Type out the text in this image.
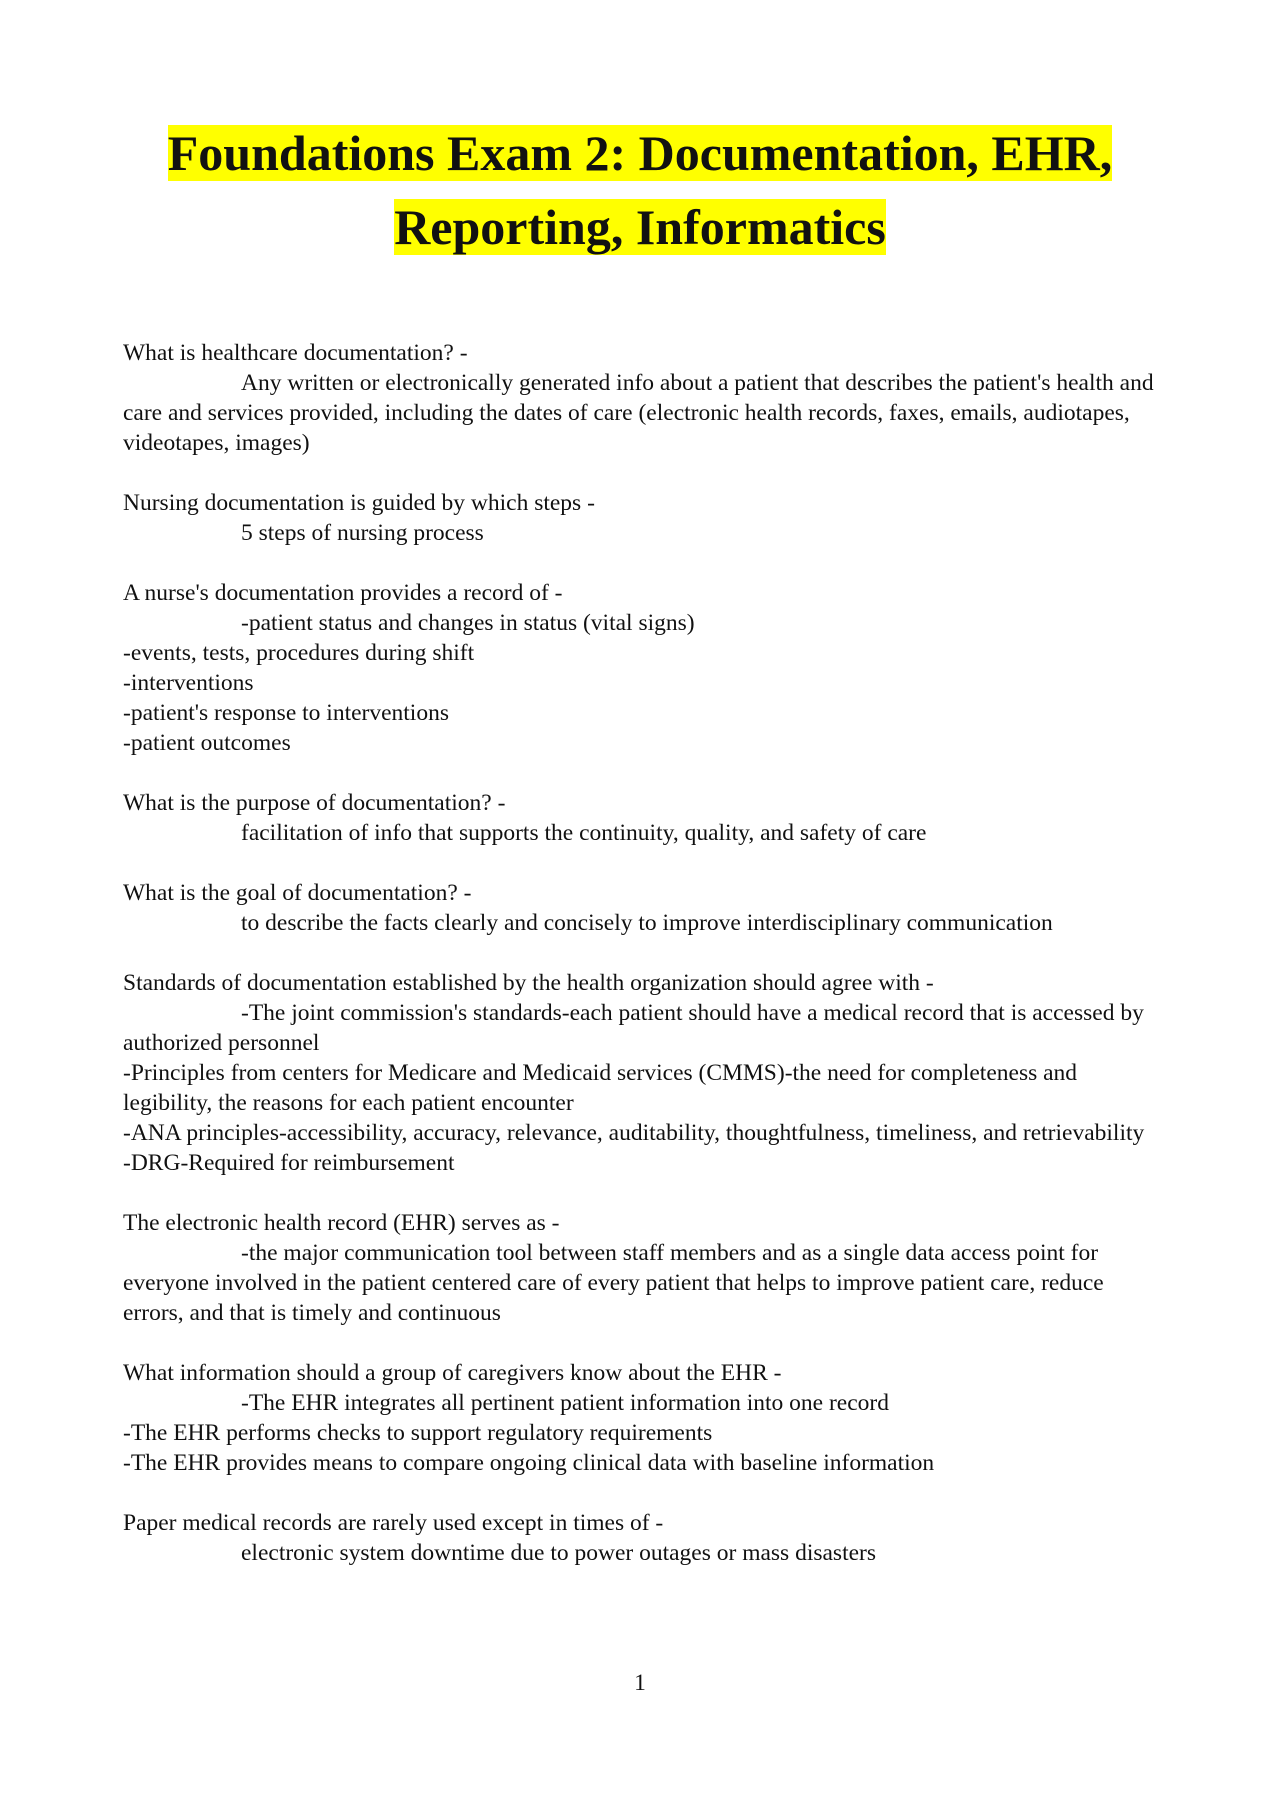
Foundations Exam 2: Documentation, EHR,
Reporting, Informatics

What is healthcare documentation? -

Any written or electronically generated info about a patient that describes the patient's health and care and services provided, including the dates of care (electronic health records, faxes, emails, audiotapes, videotapes, images)

Nursing documentation is guided by which steps -

5 steps of nursing process

A nurse's documentation provides a record of -

-patient status and changes in status (vital signs)
-events, tests, procedures during shift
-interventions
-patient's response to interventions
-patient outcomes

What is the purpose of documentation? -

facilitation of info that supports the continuity, quality, and safety of care

What is the goal of documentation? -

to describe the facts clearly and concisely to improve interdisciplinary communication

Standards of documentation established by the health organization should agree with -

-The joint commission's standards-each patient should have a medical record that is accessed by authorized personnel
-Principles from centers for Medicare and Medicaid services (CMMS)-the need for completeness and legibility, the reasons for each patient encounter
-ANA principles-accessibility, accuracy, relevance, auditability, thoughtfulness, timeliness, and retrievability
-DRG-Required for reimbursement

The electronic health record (EHR) serves as -

-the major communication tool between staff members and as a single data access point for everyone involved in the patient centered care of every patient that helps to improve patient care, reduce errors, and that is timely and continuous

What information should a group of caregivers know about the EHR -

-The EHR integrates all pertinent patient information into one record
-The EHR performs checks to support regulatory requirements
-The EHR provides means to compare ongoing clinical data with baseline information

Paper medical records are rarely used except in times of -

electronic system downtime due to power outages or mass disasters

1
